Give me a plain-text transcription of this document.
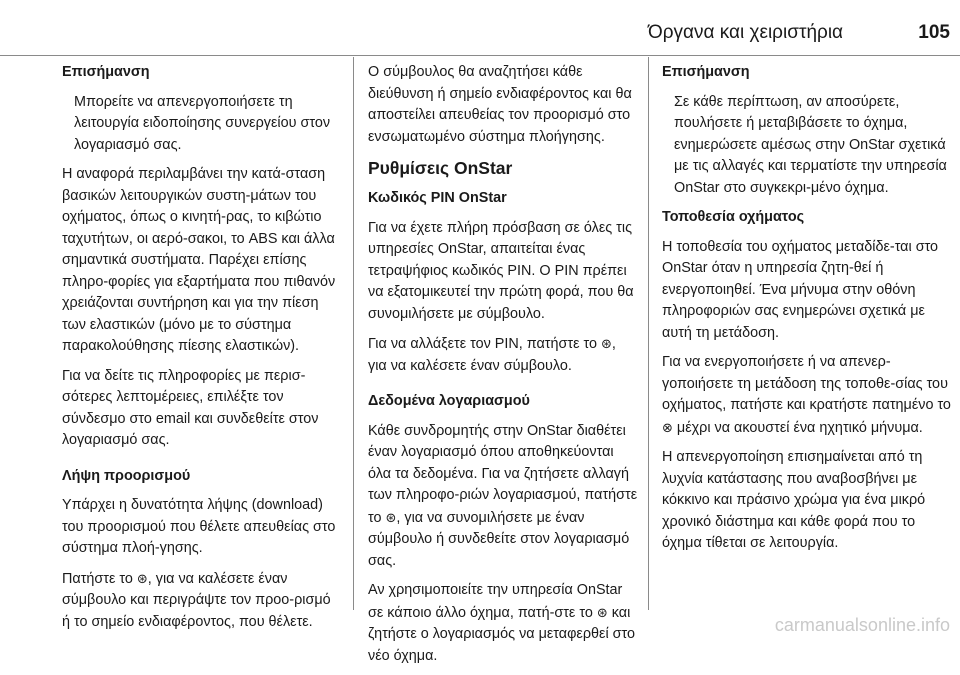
Όργανα και χειριστήρια	105

Επισήμανση

Μπορείτε να απενεργοποιήσετε τη λειτουργία ειδοποίησης συνεργείου στον λογαριασμό σας.

Η αναφορά περιλαμβάνει την κατά-σταση βασικών λειτουργικών συστη-μάτων του οχήματος, όπως ο κινητή-ρας, το κιβώτιο ταχυτήτων, οι αερό-σακοι, το ABS και άλλα σημαντικά συστήματα. Παρέχει επίσης πληρο-φορίες για εξαρτήματα που πιθανόν χρειάζονται συντήρηση και για την πίεση των ελαστικών (μόνο με το σύστημα παρακολούθησης πίεσης ελαστικών).

Για να δείτε τις πληροφορίες με περισ-σότερες λεπτομέρειες, επιλέξτε τον σύνδεσμο στο email και συνδεθείτε στον λογαριασμό σας.

Λήψη προορισμού

Υπάρχει η δυνατότητα λήψης (download) του προορισμού που θέλετε απευθείας στο σύστημα πλοή-γησης.

Πατήστε το ⊛, για να καλέσετε έναν σύμβουλο και περιγράψτε τον προο-ρισμό ή το σημείο ενδιαφέροντος, που θέλετε.

Ο σύμβουλος θα αναζητήσει κάθε διεύθυνση ή σημείο ενδιαφέροντος και θα αποστείλει απευθείας τον προορισμό στο ενσωματωμένο σύστημα πλοήγησης.

Ρυθμίσεις OnStar

Κωδικός PIN OnStar

Για να έχετε πλήρη πρόσβαση σε όλες τις υπηρεσίες OnStar, απαιτείται ένας τετραψήφιος κωδικός PIN. Ο PIN πρέπει να εξατομικευτεί την πρώτη φορά, που θα συνομιλήσετε με σύμβουλο.

Για να αλλάξετε τον PIN, πατήστε το ⊛, για να καλέσετε έναν σύμβουλο.

Δεδομένα λογαριασμού

Κάθε συνδρομητής στην OnStar διαθέτει έναν λογαριασμό όπου αποθηκεύονται όλα τα δεδομένα. Για να ζητήσετε αλλαγή των πληροφο-ριών λογαριασμού, πατήστε το ⊛, για να συνομιλήσετε με έναν σύμβουλο ή συνδεθείτε στον λογαριασμό σας.

Αν χρησιμοποιείτε την υπηρεσία OnStar σε κάποιο άλλο όχημα, πατή-στε το ⊛ και ζητήστε ο λογαριασμός να μεταφερθεί στο νέο όχημα.

Επισήμανση

Σε κάθε περίπτωση, αν αποσύρετε, πουλήσετε ή μεταβιβάσετε το όχημα, ενημερώσετε αμέσως στην OnStar σχετικά με τις αλλαγές και τερματίστε την υπηρεσία OnStar στο συγκεκρι-μένο όχημα.

Τοποθεσία οχήματος

Η τοποθεσία του οχήματος μεταδίδε-ται στο OnStar όταν η υπηρεσία ζητη-θεί ή ενεργοποιηθεί. Ένα μήνυμα στην οθόνη πληροφοριών σας ενημερώνει σχετικά με αυτή τη μετάδοση.

Για να ενεργοποιήσετε ή να απενερ-γοποιήσετε τη μετάδοση της τοποθε-σίας του οχήματος, πατήστε και κρατήστε πατημένο το ⊗ μέχρι να ακουστεί ένα ηχητικό μήνυμα.

Η απενεργοποίηση επισημαίνεται από τη λυχνία κατάστασης που αναβοσβήνει με κόκκινο και πράσινο χρώμα για ένα μικρό χρονικό διάστημα και κάθε φορά που το όχημα τίθεται σε λειτουργία.

carmanualsonline.info
